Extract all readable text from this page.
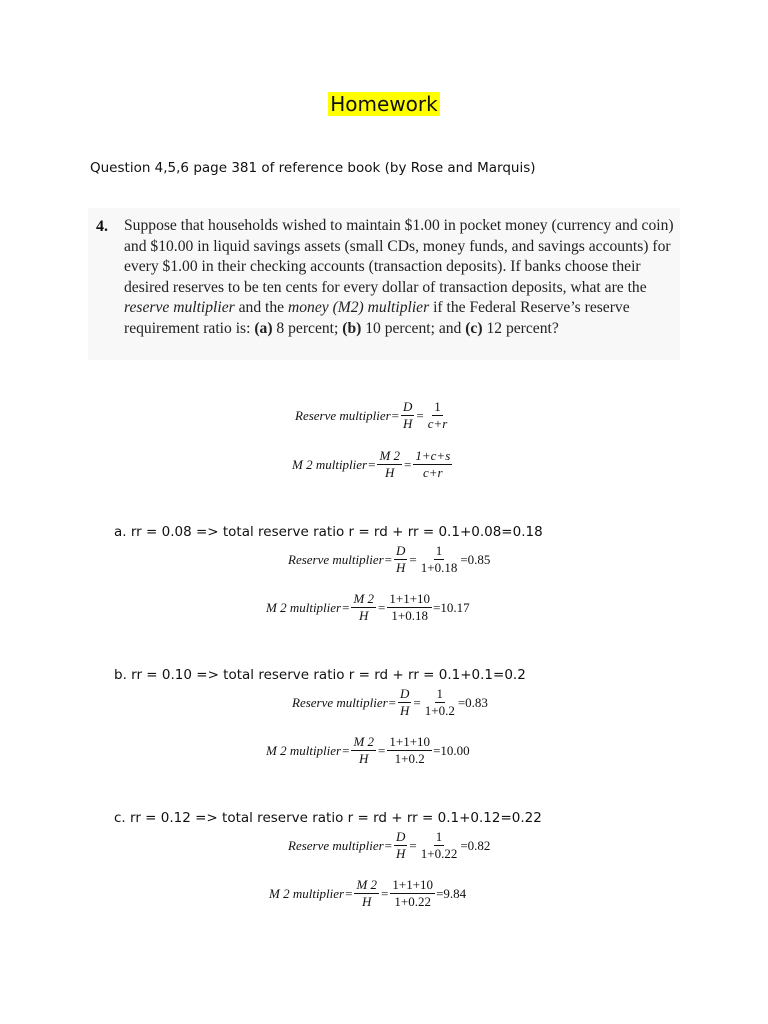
Homework
Question 4,5,6 page 381 of reference book (by Rose and Marquis)
4. Suppose that households wished to maintain $1.00 in pocket money (currency and coin) and $10.00 in liquid savings assets (small CDs, money funds, and savings accounts) for every $1.00 in their checking accounts (transaction deposits). If banks choose their desired reserves to be ten cents for every dollar of transaction deposits, what are the reserve multiplier and the money (M2) multiplier if the Federal Reserve’s reserve requirement ratio is: (a) 8 percent; (b) 10 percent; and (c) 12 percent?
Reserve multiplier = $\frac{D}{H} = \frac{1}{c+r}$
M 2 multiplier = $\frac{M 2}{H} = \frac{1+c+s}{c+r}$
a. rr = 0.08 => total reserve ratio r = rd + rr = 0.1+0.08=0.18
Reserve multiplier = $\frac{D}{H} = \frac{1}{1+0.18} =0.85$
M 2 multiplier = $\frac{M 2}{H} = \frac{1+1+10}{1+0.18} =10.17$
b. rr = 0.10 => total reserve ratio r = rd + rr = 0.1+0.1=0.2
Reserve multiplier = $\frac{D}{H} = \frac{1}{1+0.2} =0.83$
M 2 multiplier = $\frac{M 2}{H} = \frac{1+1+10}{1+0.2} =10.00$
c. rr = 0.12 => total reserve ratio r = rd + rr = 0.1+0.12=0.22
Reserve multiplier = $\frac{D}{H} = \frac{1}{1+0.22} =0.82$
M 2 multiplier = $\frac{M 2}{H} = \frac{1+1+10}{1+0.22} =9.84$
